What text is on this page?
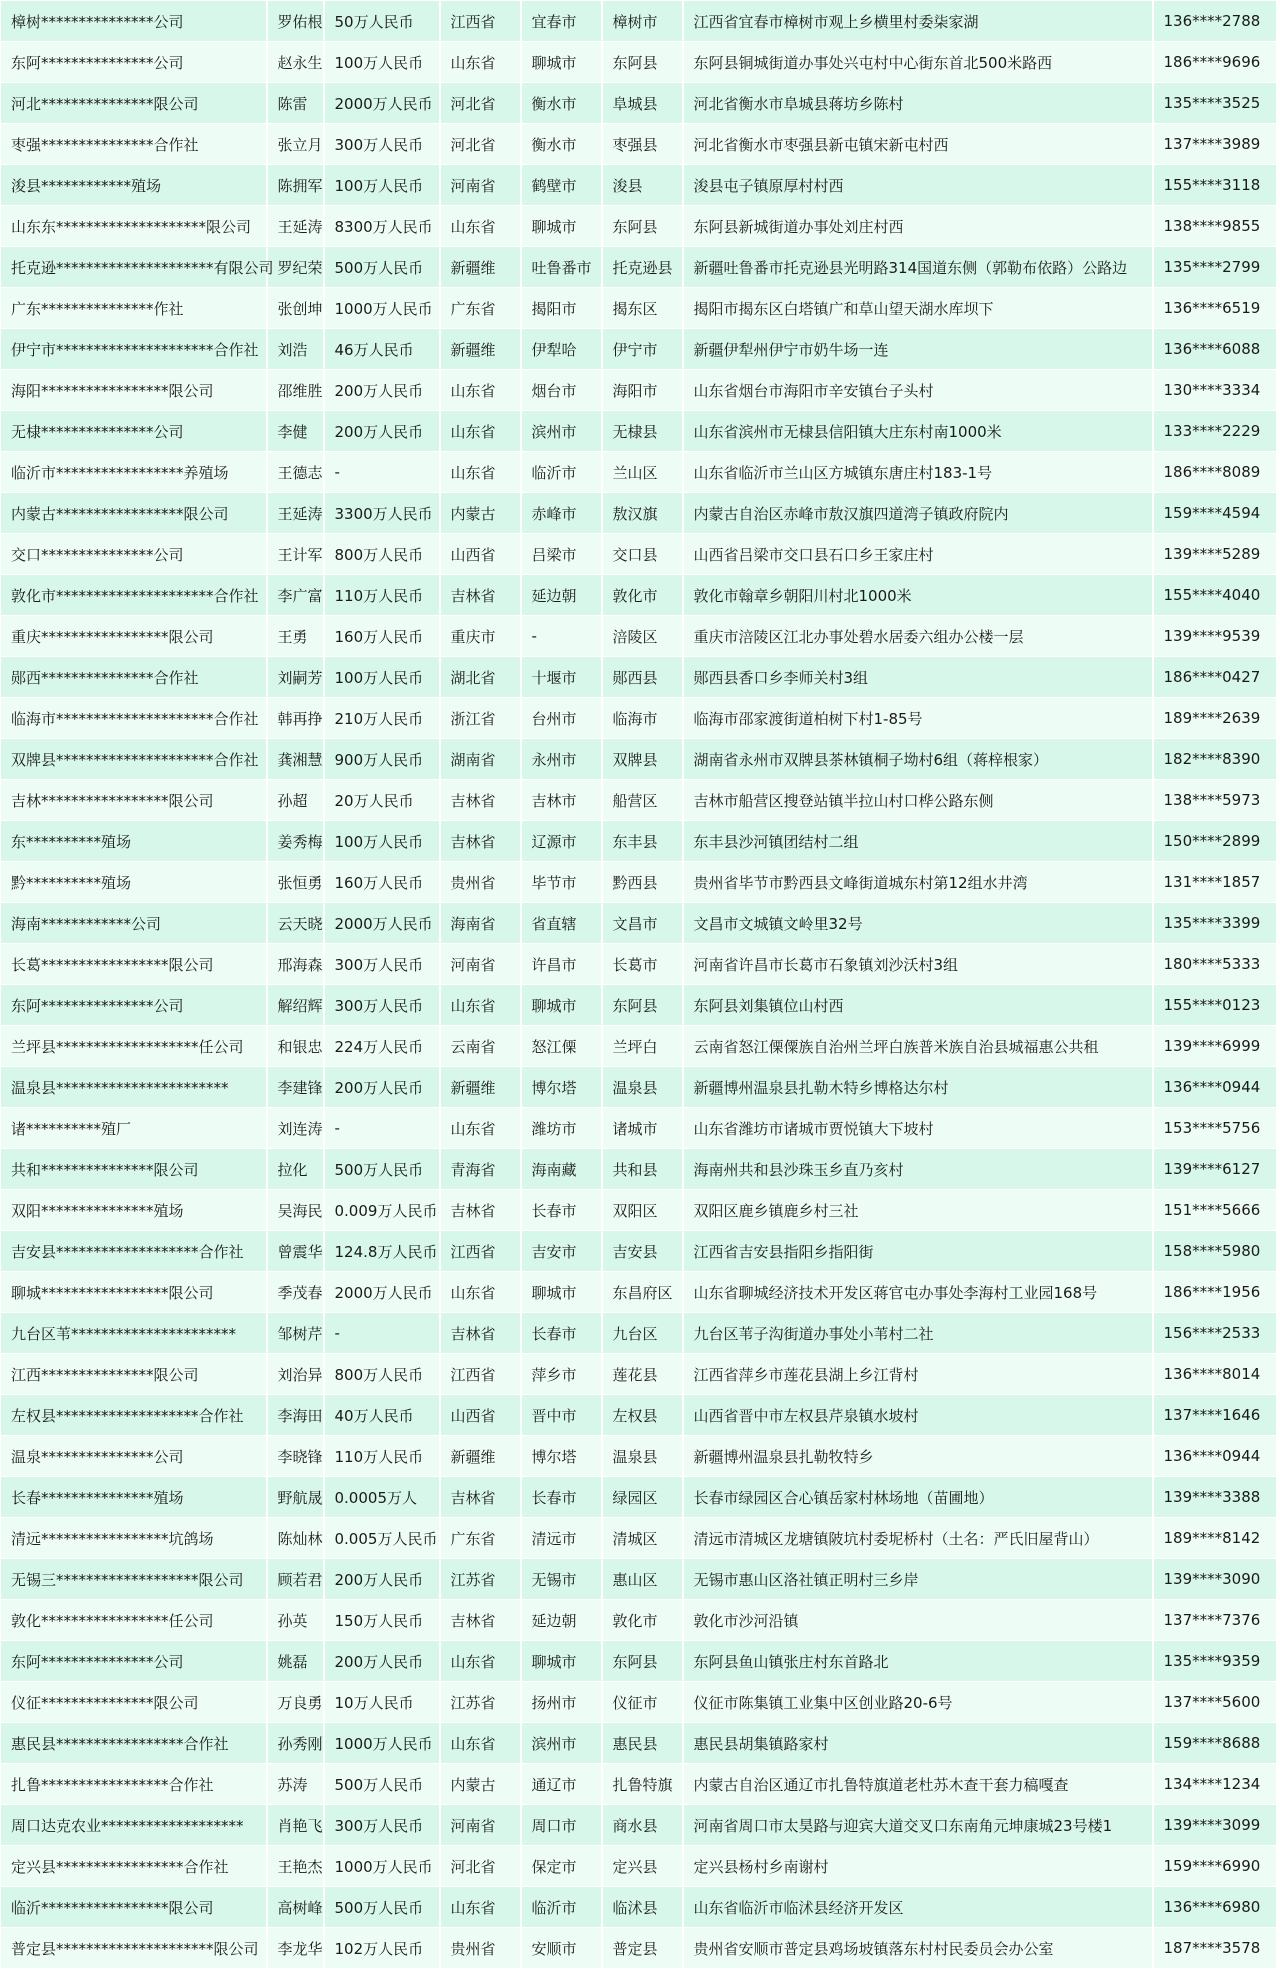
樟树***************公司	罗佑根	50万人民币	江西省	宜春市	樟树市	江西省宜春市樟树市观上乡横里村委柒家湖	136****2788
东阿***************公司	赵永生	100万人民币	山东省	聊城市	东阿县	东阿县铜城街道办事处兴屯村中心街东首北500米路西	186****9696
河北***************限公司	陈雷	2000万人民币	河北省	衡水市	阜城县	河北省衡水市阜城县蒋坊乡陈村	135****3525
枣强***************合作社	张立月	300万人民币	河北省	衡水市	枣强县	河北省衡水市枣强县新屯镇宋新屯村西	137****3989
浚县************殖场	陈拥军	100万人民币	河南省	鹤壁市	浚县	浚县屯子镇原厚村村西	155****3118
山东东********************限公司	王延涛	8300万人民币	山东省	聊城市	东阿县	东阿县新城街道办事处刘庄村西	138****9855
托克逊*********************有限公司	罗纪荣	500万人民币	新疆维	吐鲁番市	托克逊县	新疆吐鲁番市托克逊县光明路314国道东侧（郭勒布依路）公路边	135****2799
广东***************作社	张创坤	1000万人民币	广东省	揭阳市	揭东区	揭阳市揭东区白塔镇广和草山望天湖水库坝下	136****6519
伊宁市*********************合作社	刘浩	46万人民币	新疆维	伊犁哈	伊宁市	新疆伊犁州伊宁市奶牛场一连	136****6088
海阳*****************限公司	邵维胜	200万人民币	山东省	烟台市	海阳市	山东省烟台市海阳市辛安镇台子头村	130****3334
无棣***************公司	李健	200万人民币	山东省	滨州市	无棣县	山东省滨州市无棣县信阳镇大庄东村南1000米	133****2229
临沂市*****************养殖场	王德志	-	山东省	临沂市	兰山区	山东省临沂市兰山区方城镇东唐庄村183-1号	186****8089
内蒙古*****************限公司	王延涛	3300万人民币	内蒙古	赤峰市	敖汉旗	内蒙古自治区赤峰市敖汉旗四道湾子镇政府院内	159****4594
交口***************公司	王计军	800万人民币	山西省	吕梁市	交口县	山西省吕梁市交口县石口乡王家庄村	139****5289
敦化市*********************合作社	李广富	110万人民币	吉林省	延边朝	敦化市	敦化市翰章乡朝阳川村北1000米	155****4040
重庆*****************限公司	王勇	160万人民币	重庆市	-	涪陵区	重庆市涪陵区江北办事处碧水居委六组办公楼一层	139****9539
郧西***************合作社	刘嗣芳	100万人民币	湖北省	十堰市	郧西县	郧西县香口乡李师关村3组	186****0427
临海市*********************合作社	韩再挣	210万人民币	浙江省	台州市	临海市	临海市邵家渡街道柏树下村1-85号	189****2639
双牌县*********************合作社	龚湘慧	900万人民币	湖南省	永州市	双牌县	湖南省永州市双牌县茶林镇桐子坳村6组（蒋梓根家）	182****8390
吉林*****************限公司	孙超	20万人民币	吉林省	吉林市	船营区	吉林市船营区搜登站镇半拉山村口桦公路东侧	138****5973
东**********殖场	姜秀梅	100万人民币	吉林省	辽源市	东丰县	东丰县沙河镇团结村二组	150****2899
黔**********殖场	张恒勇	160万人民币	贵州省	毕节市	黔西县	贵州省毕节市黔西县文峰街道城东村第12组水井湾	131****1857
海南************公司	云天晓	2000万人民币	海南省	省直辖	文昌市	文昌市文城镇文岭里32号	135****3399
长葛*****************限公司	邢海森	300万人民币	河南省	许昌市	长葛市	河南省许昌市长葛市石象镇刘沙沃村3组	180****5333
东阿***************公司	解绍辉	300万人民币	山东省	聊城市	东阿县	东阿县刘集镇位山村西	155****0123
兰坪县*******************任公司	和银忠	224万人民币	云南省	怒江傈	兰坪白	云南省怒江傈僳族自治州兰坪白族普米族自治县城福惠公共租	139****6999
温泉县***********************	李建锋	200万人民币	新疆维	博尔塔	温泉县	新疆博州温泉县扎勒木特乡博格达尔村	136****0944
诸**********殖厂	刘连涛	-	山东省	潍坊市	诸城市	山东省潍坊市诸城市贾悦镇大下坡村	153****5756
共和***************限公司	拉化	500万人民币	青海省	海南藏	共和县	海南州共和县沙珠玉乡直乃亥村	139****6127
双阳***************殖场	吴海民	0.009万人民币	吉林省	长春市	双阳区	双阳区鹿乡镇鹿乡村三社	151****5666
吉安县*******************合作社	曾震华	124.8万人民币	江西省	吉安市	吉安县	江西省吉安县指阳乡指阳街	158****5980
聊城*****************限公司	季茂春	2000万人民币	山东省	聊城市	东昌府区	山东省聊城经济技术开发区蒋官屯办事处李海村工业园168号	186****1956
九台区苇**********************	邹树芹	-	吉林省	长春市	九台区	九台区苇子沟街道办事处小苇村二社	156****2533
江西***************限公司	刘治异	800万人民币	江西省	萍乡市	莲花县	江西省萍乡市莲花县湖上乡江背村	136****8014
左权县*******************合作社	李海田	40万人民币	山西省	晋中市	左权县	山西省晋中市左权县芹泉镇水坡村	137****1646
温泉***************公司	李晓锋	110万人民币	新疆维	博尔塔	温泉县	新疆博州温泉县扎勒牧特乡	136****0944
长春***************殖场	野航晟	0.0005万人	吉林省	长春市	绿园区	长春市绿园区合心镇岳家村林场地（苗圃地）	139****3388
清远*****************坑鸽场	陈灿林	0.005万人民币	广东省	清远市	清城区	清远市清城区龙塘镇陂坑村委坭桥村（土名：严氏旧屋背山）	189****8142
无锡三*******************限公司	顾若君	200万人民币	江苏省	无锡市	惠山区	无锡市惠山区洛社镇正明村三乡岸	139****3090
敦化*****************任公司	孙英	150万人民币	吉林省	延边朝	敦化市	敦化市沙河沿镇	137****7376
东阿***************公司	姚磊	200万人民币	山东省	聊城市	东阿县	东阿县鱼山镇张庄村东首路北	135****9359
仪征***************限公司	万良勇	10万人民币	江苏省	扬州市	仪征市	仪征市陈集镇工业集中区创业路20-6号	137****5600
惠民县*****************合作社	孙秀刚	1000万人民币	山东省	滨州市	惠民县	惠民县胡集镇路家村	159****8688
扎鲁*****************合作社	苏涛	500万人民币	内蒙古	通辽市	扎鲁特旗	内蒙古自治区通辽市扎鲁特旗道老杜苏木查干套力稿嘎查	134****1234
周口达克农业*******************	肖艳飞	300万人民币	河南省	周口市	商水县	河南省周口市太昊路与迎宾大道交叉口东南角元坤康城23号楼1	139****3099
定兴县*****************合作社	王艳杰	1000万人民币	河北省	保定市	定兴县	定兴县杨村乡南谢村	159****6990
临沂*****************限公司	高树峰	500万人民币	山东省	临沂市	临沭县	山东省临沂市临沭县经济开发区	136****6980
普定县*********************限公司	李龙华	102万人民币	贵州省	安顺市	普定县	贵州省安顺市普定县鸡场坡镇落东村村民委员会办公室	187****3578
